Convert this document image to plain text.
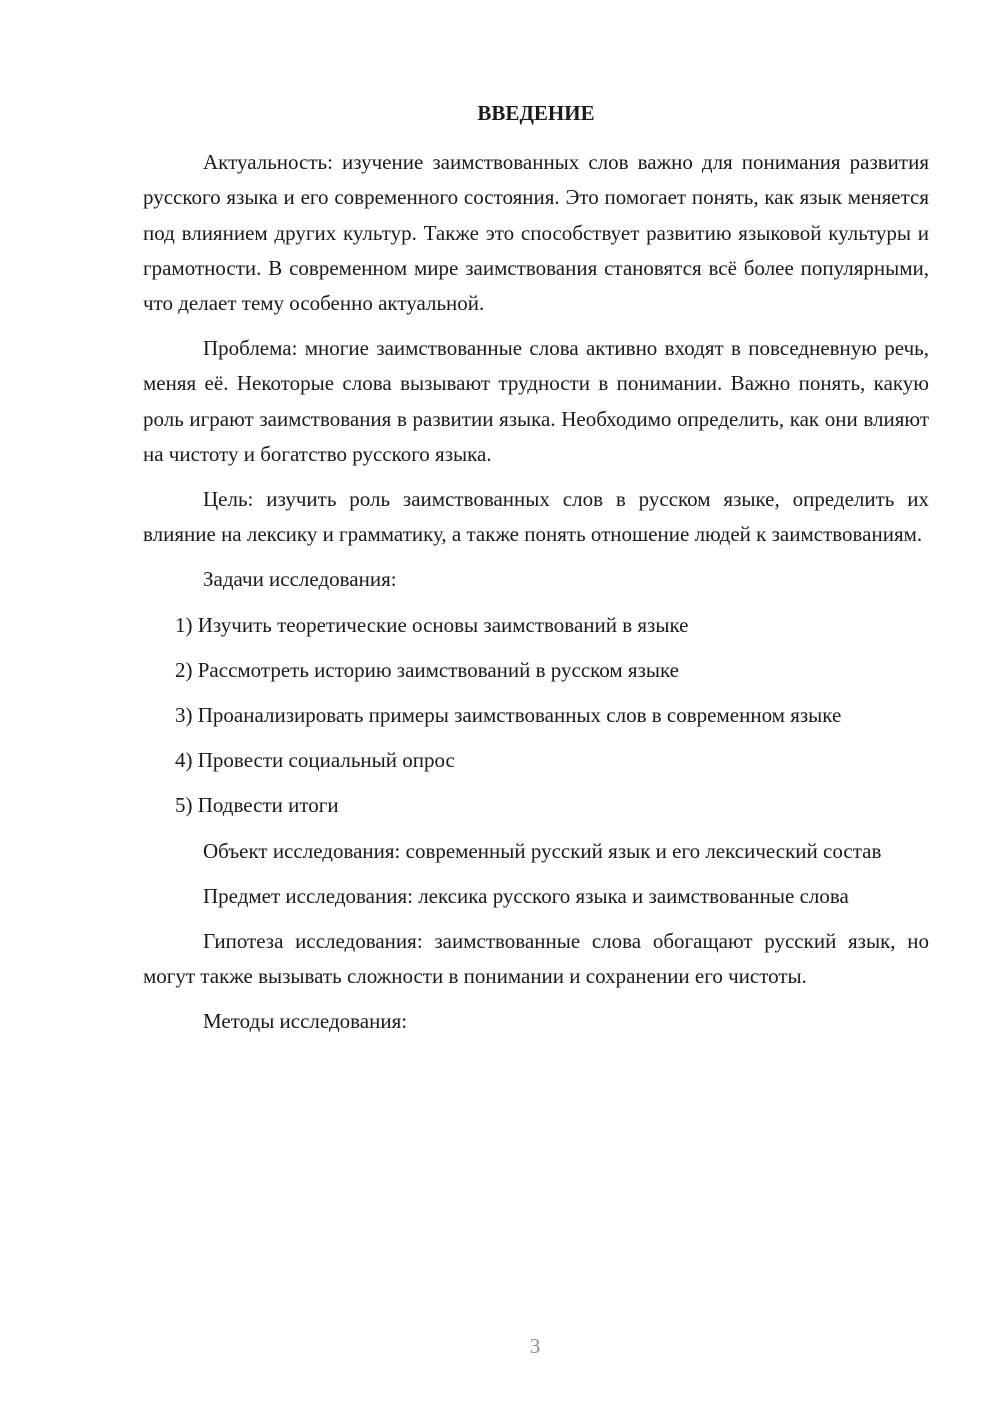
ВВЕДЕНИЕ

Актуальность: изучение заимствованных слов важно для понимания развития русского языка и его современного состояния. Это помогает понять, как язык меняется под влиянием других культур. Также это способствует развитию языковой культуры и грамотности. В современном мире заимствования становятся всё более популярными, что делает тему особенно актуальной.

Проблема: многие заимствованные слова активно входят в повседневную речь, меняя её. Некоторые слова вызывают трудности в понимании. Важно понять, какую роль играют заимствования в развитии языка. Необходимо определить, как они влияют на чистоту и богатство русского языка.

Цель: изучить роль заимствованных слов в русском языке, определить их влияние на лексику и грамматику, а также понять отношение людей к заимствованиям.

Задачи исследования:

1) Изучить теоретические основы заимствований в языке

2) Рассмотреть историю заимствований в русском языке

3) Проанализировать примеры заимствованных слов в современном языке

4) Провести социальный опрос

5) Подвести итоги

Объект исследования: современный русский язык и его лексический состав

Предмет исследования: лексика русского языка и заимствованные слова

Гипотеза исследования: заимствованные слова обогащают русский язык, но могут также вызывать сложности в понимании и сохранении его чистоты.

Методы исследования:

3
